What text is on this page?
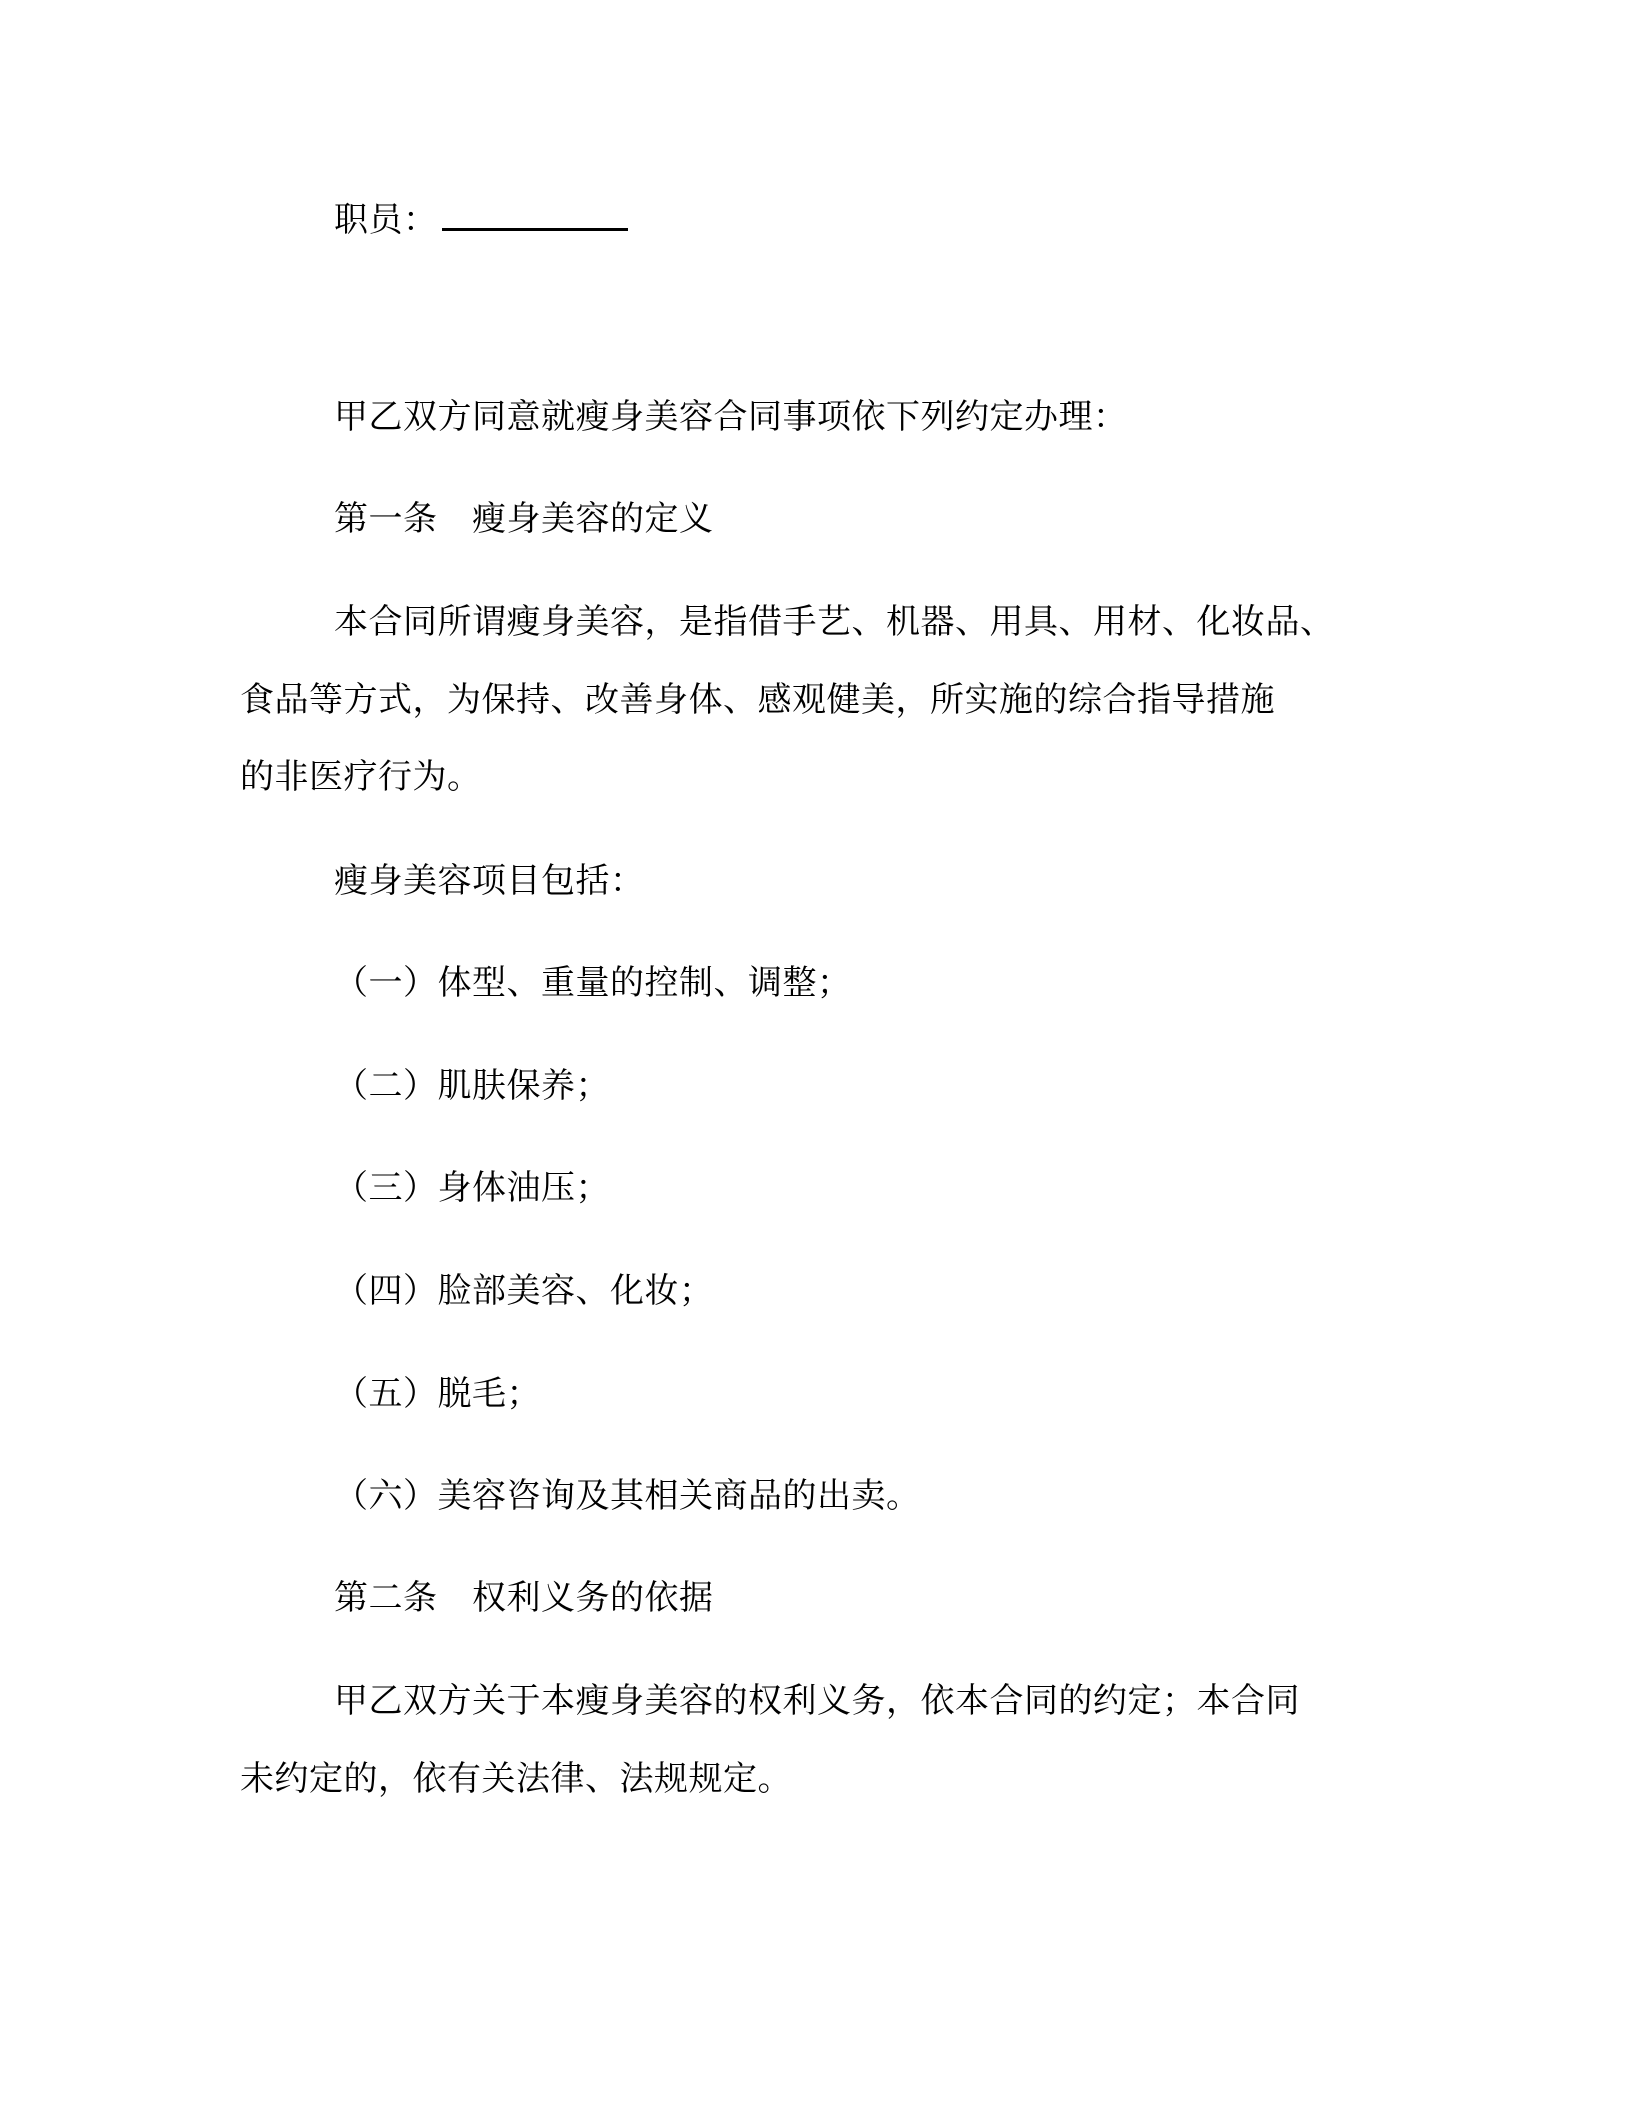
职员：
甲乙双方同意就瘦身美容合同事项依下列约定办理：
第一条　瘦身美容的定义
本合同所谓瘦身美容，是指借手艺、机器、用具、用材、化妆品、
食品等方式，为保持、改善身体、感观健美，所实施的综合指导措施
的非医疗行为。
瘦身美容项目包括：
（一）体型、重量的控制、调整；
（二）肌肤保养；
（三）身体油压；
（四）脸部美容、化妆；
（五）脱毛；
（六）美容咨询及其相关商品的出卖。
第二条　权利义务的依据
甲乙双方关于本瘦身美容的权利义务，依本合同的约定；本合同
未约定的，依有关法律、法规规定。
